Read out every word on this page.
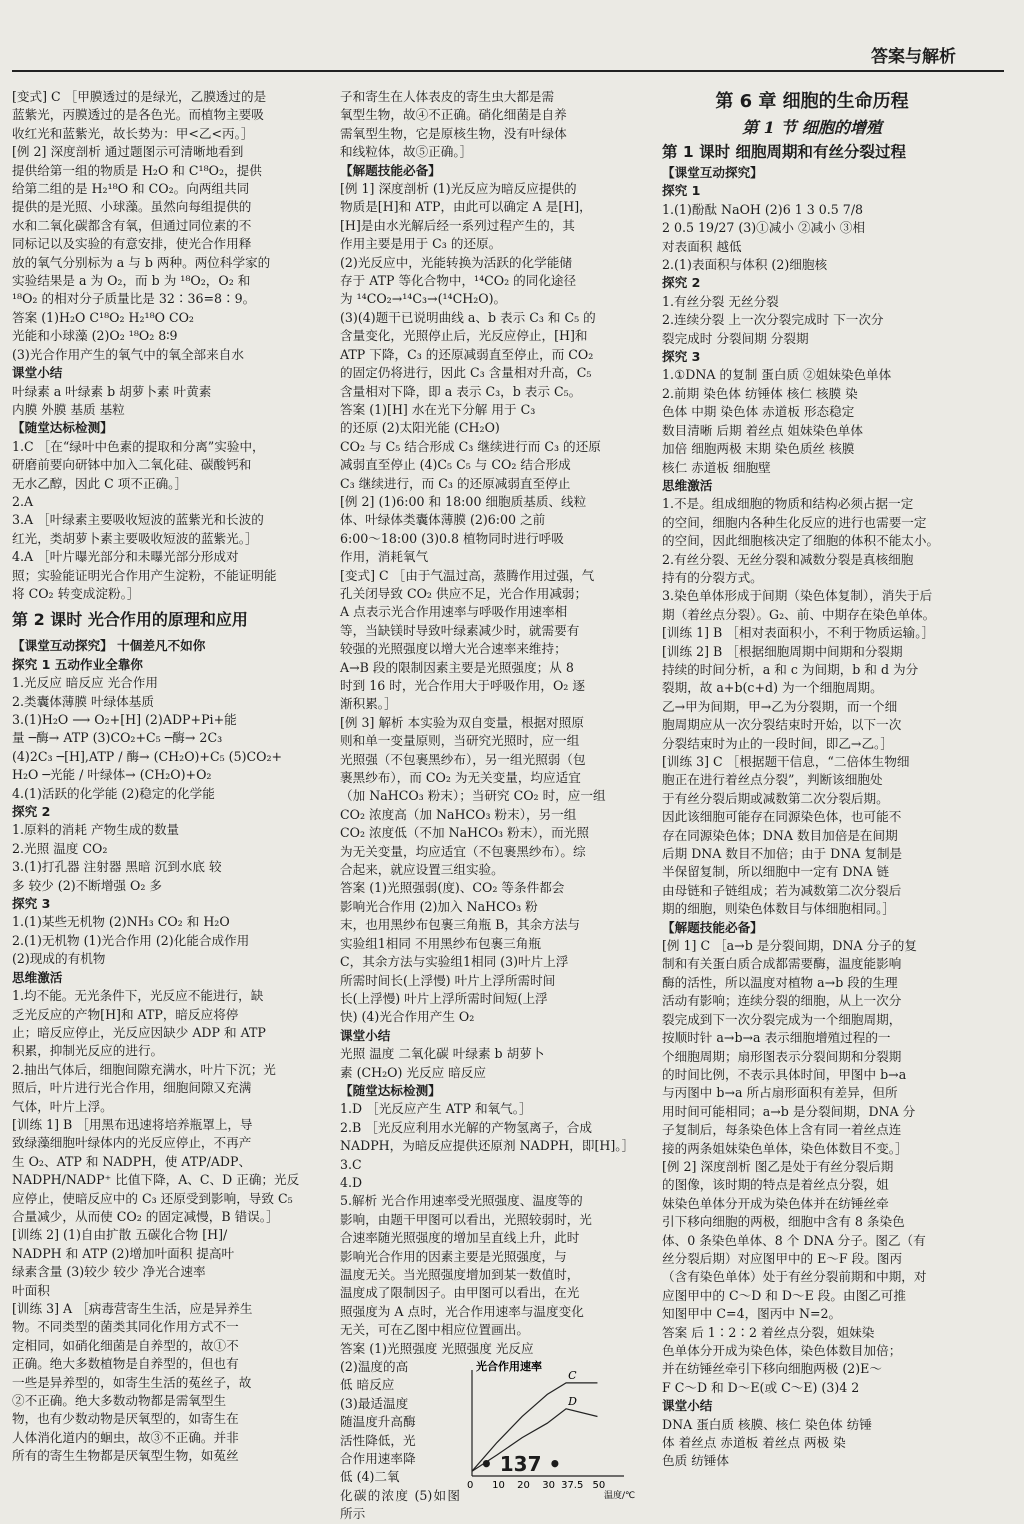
答案与解析
[变式] C ［甲膜透过的是绿光，乙膜透过的是
蓝紫光，丙膜透过的是各色光。而植物主要吸
收红光和蓝紫光，故长势为：甲<乙<丙。］
[例 2] 深度剖析 通过题图示可清晰地看到
提供给第一组的物质是 H₂O 和 C¹⁸O₂，提供
给第二组的是 H₂¹⁸O 和 CO₂。向两组共同
提供的是光照、小球藻。虽然向每组提供的
水和二氧化碳都含有氧，但通过同位素的不
同标记以及实验的有意安排，使光合作用释
放的氧气分别标为 a 与 b 两种。两位科学家的
实验结果是 a 为 O₂，而 b 为 ¹⁸O₂，O₂ 和
¹⁸O₂ 的相对分子质量比是 32∶36=8∶9。
答案 (1)H₂O C¹⁸O₂ H₂¹⁸O CO₂
光能和小球藻 (2)O₂ ¹⁸O₂ 8∶9
(3)光合作用产生的氧气中的氧全部来自水
课堂小结
叶绿素 a 叶绿素 b 胡萝卜素 叶黄素
内膜 外膜 基质 基粒
【随堂达标检测】
1.C ［在“绿叶中色素的提取和分离”实验中，
研磨前要向研钵中加入二氧化硅、碳酸钙和
无水乙醇，因此 C 项不正确。］
2.A
3.A ［叶绿素主要吸收短波的蓝紫光和长波的
红光，类胡萝卜素主要吸收短波的蓝紫光。］
4.A ［叶片曝光部分和未曝光部分形成对
照；实验能证明光合作用产生淀粉，不能证明能
将 CO₂ 转变成淀粉。］
第 2 课时 光合作用的原理和应用
【课堂互动探究】 十個差凡不如你
探究 1 五动作业全靠你
1.光反应 暗反应 光合作用
2.类囊体薄膜 叶绿体基质
3.(1)H₂O ⟶ O₂+[H] (2)ADP+Pi+能
量 ─酶→ ATP (3)CO₂+C₅ ─酶→ 2C₃
(4)2C₃ ─[H],ATP / 酶→ (CH₂O)+C₅ (5)CO₂+
H₂O ─光能 / 叶绿体→ (CH₂O)+O₂
4.(1)活跃的化学能 (2)稳定的化学能
探究 2
1.原料的消耗 产物生成的数量
2.光照 温度 CO₂
3.(1)打孔器 注射器 黑暗 沉到水底 较
多 较少 (2)不断增强 O₂ 多
探究 3
1.(1)某些无机物 (2)NH₃ CO₂ 和 H₂O
2.(1)无机物 (1)光合作用 (2)化能合成作用
(2)现成的有机物
思维激活
1.均不能。无光条件下，光反应不能进行，缺
乏光反应的产物[H]和 ATP，暗反应将停
止；暗反应停止，光反应因缺少 ADP 和 ATP
积累，抑制光反应的进行。
2.抽出气体后，细胞间隙充满水，叶片下沉；光
照后，叶片进行光合作用，细胞间隙又充满
气体，叶片上浮。
[训练 1] B ［用黑布迅速将培养瓶罩上，导
致绿藻细胞叶绿体内的光反应停止，不再产
生 O₂、ATP 和 NADPH，使 ATP/ADP、
NADPH/NADP⁺ 比值下降，A、C、D 正确；光反
应停止，使暗反应中的 C₃ 还原受到影响，导致 C₅
合量减少，从而使 CO₂ 的固定减慢，B 错误。］
[训练 2] (1)自由扩散 五碳化合物 [H]/
NADPH 和 ATP (2)增加叶面积 提高叶
绿素含量 (3)较少 较少 净光合速率
叶面积
[训练 3] A ［病毒营寄生生活，应是异养生
物。不同类型的菌类其同化作用方式不一
定相同，如硝化细菌是自养型的，故①不
正确。绝大多数植物是自养型的，但也有
一些是异养型的，如寄生生活的菟丝子，故
②不正确。绝大多数动物都是需氧型生
物，也有少数动物是厌氧型的，如寄生在
人体消化道内的蛔虫，故③不正确。并非
所有的寄生生物都是厌氧型生物，如菟丝
子和寄生在人体表皮的寄生虫大都是需
氧型生物，故④不正确。硝化细菌是自养
需氧型生物，它是原核生物，没有叶绿体
和线粒体，故⑤正确。］
【解题技能必备】
[例 1] 深度剖析 (1)光反应为暗反应提供的
物质是[H]和 ATP，由此可以确定 A 是[H]，
[H]是由水光解后经一系列过程产生的，其
作用主要是用于 C₃ 的还原。
(2)光反应中，光能转换为活跃的化学能储
存于 ATP 等化合物中，¹⁴CO₂ 的同化途径
为 ¹⁴CO₂→¹⁴C₃→(¹⁴CH₂O)。
(3)(4)题干已说明曲线 a、b 表示 C₃ 和 C₅ 的
含量变化，光照停止后，光反应停止，[H]和
ATP 下降，C₃ 的还原减弱直至停止，而 CO₂
的固定仍将进行，因此 C₃ 含量相对升高，C₅
含量相对下降，即 a 表示 C₃，b 表示 C₅。
答案 (1)[H] 水在光下分解 用于 C₃
的还原 (2)太阳光能 (CH₂O)
CO₂ 与 C₅ 结合形成 C₃ 继续进行而 C₃ 的还原
减弱直至停止 (4)C₅ C₅ 与 CO₂ 结合形成
C₃ 继续进行，而 C₃ 的还原减弱直至停止
[例 2] (1)6:00 和 18:00 细胞质基质、线粒
体、叶绿体类囊体薄膜 (2)6:00 之前
6:00～18:00 (3)0.8 植物同时进行呼吸
作用，消耗氧气
[变式] C ［由于气温过高，蒸腾作用过强，气
孔关闭导致 CO₂ 供应不足，光合作用减弱；
A 点表示光合作用速率与呼吸作用速率相
等，当缺镁时导致叶绿素减少时，就需要有
较强的光照强度以增大光合速率来维持；
A→B 段的限制因素主要是光照强度；从 8
时到 16 时，光合作用大于呼吸作用，O₂ 逐
渐积累。］
[例 3] 解析 本实验为双自变量，根据对照原
则和单一变量原则，当研究光照时，应一组
光照强（不包裹黑纱布），另一组光照弱（包
裹黑纱布），而 CO₂ 为无关变量，均应适宜
（加 NaHCO₃ 粉末）；当研究 CO₂ 时，应一组
CO₂ 浓度高（加 NaHCO₃ 粉末），另一组
CO₂ 浓度低（不加 NaHCO₃ 粉末），而光照
为无关变量，均应适宜（不包裹黑纱布）。综
合起来，就应设置三组实验。
答案 (1)光照强弱(度)、CO₂ 等条件都会
影响光合作用 (2)加入 NaHCO₃ 粉
末，也用黑纱布包裹三角瓶 B，其余方法与
实验组1相同 不用黑纱布包裹三角瓶
C，其余方法与实验组1相同 (3)叶片上浮
所需时间长(上浮慢) 叶片上浮所需时间
长(上浮慢) 叶片上浮所需时间短(上浮
快) (4)光合作用产生 O₂
课堂小结
光照 温度 二氧化碳 叶绿素 b 胡萝卜
素 (CH₂O) 光反应 暗反应
【随堂达标检测】
1.D ［光反应产生 ATP 和氧气。］
2.B ［光反应利用水光解的产物氢离子，合成
NADPH，为暗反应提供还原剂 NADPH，即[H]。］
3.C
4.D
5.解析 光合作用速率受光照强度、温度等的
影响，由题干甲图可以看出，光照较弱时，光
合速率随光照强度的增加呈直线上升，此时
影响光合作用的因素主要是光照强度，与
温度无关。当光照强度增加到某一数值时，
温度成了限制因子。由甲图可以看出，在光
照强度为 A 点时，光合作用速率与温度变化
无关，可在乙图中相应位置画出。
答案 (1)光照强度 光照强度 光反应
(2)温度的高
低 暗反应
(3)最适温度
随温度升高酶
活性降低，光
合作用速率降
低 (4)二氧
化碳的浓度 (5)如图所示
光合作用速率
温度/℃
0 10 20 30 37.5 50
C
D
第 6 章 细胞的生命历程
第 1 节 细胞的增殖
第 1 课时 细胞周期和有丝分裂过程
【课堂互动探究】
探究 1
1.(1)酚酞 NaOH (2)6 1 3 0.5 7/8
2 0.5 19/27 (3)①减小 ②减小 ③相
对表面积 越低
2.(1)表面积与体积 (2)细胞核
探究 2
1.有丝分裂 无丝分裂
2.连续分裂 上一次分裂完成时 下一次分
裂完成时 分裂间期 分裂期
探究 3
1.①DNA 的复制 蛋白质 ②姐妹染色单体
2.前期 染色体 纺锤体 核仁 核膜 染
色体 中期 染色体 赤道板 形态稳定
数目清晰 后期 着丝点 姐妹染色单体
加倍 细胞两极 末期 染色质丝 核膜
核仁 赤道板 细胞壁
思维激活
1.不是。组成细胞的物质和结构必须占据一定
的空间，细胞内各种生化反应的进行也需要一定
的空间，因此细胞核决定了细胞的体积不能太小。
2.有丝分裂、无丝分裂和减数分裂是真核细胞
持有的分裂方式。
3.染色单体形成于间期（染色体复制），消失于后
期（着丝点分裂）。G₂、前、中期存在染色单体。
[训练 1] B ［相对表面积小，不利于物质运输。］
[训练 2] B ［根据细胞周期中间期和分裂期
持续的时间分析，a 和 c 为间期，b 和 d 为分
裂期，故 a+b(c+d) 为一个细胞周期。
乙→甲为间期，甲→乙为分裂期，而一个细
胞周期应从一次分裂结束时开始，以下一次
分裂结束时为止的一段时间，即乙→乙。］
[训练 3] C ［根据题干信息，“二倍体生物细
胞正在进行着丝点分裂”，判断该细胞处
于有丝分裂后期或减数第二次分裂后期。
因此该细胞可能存在同源染色体，也可能不
存在同源染色体；DNA 数目加倍是在间期
后期 DNA 数目不加倍；由于 DNA 复制是
半保留复制，所以细胞中一定有 DNA 链
由母链和子链组成；若为减数第二次分裂后
期的细胞，则染色体数目与体细胞相同。］
【解题技能必备】
[例 1] C ［a→b 是分裂间期，DNA 分子的复
制和有关蛋白质合成都需要酶，温度能影响
酶的活性，所以温度对植物 a→b 段的生理
活动有影响；连续分裂的细胞，从上一次分
裂完成到下一次分裂完成为一个细胞周期，
按顺时针 a→b→a 表示细胞增殖过程的一
个细胞周期；扇形图表示分裂间期和分裂期
的时间比例，不表示具体时间，甲图中 b→a
与丙图中 b→a 所占扇形面积有差异，但所
用时间可能相同；a→b 是分裂间期，DNA 分
子复制后，每条染色体上含有同一着丝点连
接的两条姐妹染色单体，染色体数目不变。］
[例 2] 深度剖析 图乙是处于有丝分裂后期
的图像，该时期的特点是着丝点分裂，姐
妹染色单体分开成为染色体并在纺锤丝牵
引下移向细胞的两极，细胞中含有 8 条染色
体、0 条染色单体、8 个 DNA 分子。图乙（有
丝分裂后期）对应图甲中的 E～F 段。图丙
（含有染色单体）处于有丝分裂前期和中期，对
应图甲中的 C～D 和 D～E 段。由图乙可推
知图甲中 C=4，图丙中 N=2。
答案 后 1∶2∶2 着丝点分裂，姐妹染
色单体分开成为染色体，染色体数目加倍；
并在纺锤丝牵引下移向细胞两极 (2)E～
F C～D 和 D～E(或 C～E) (3)4 2
课堂小结
DNA 蛋白质 核膜、核仁 染色体 纺锤
体 着丝点 赤道板 着丝点 两极 染
色质 纺锤体
• 137 •
